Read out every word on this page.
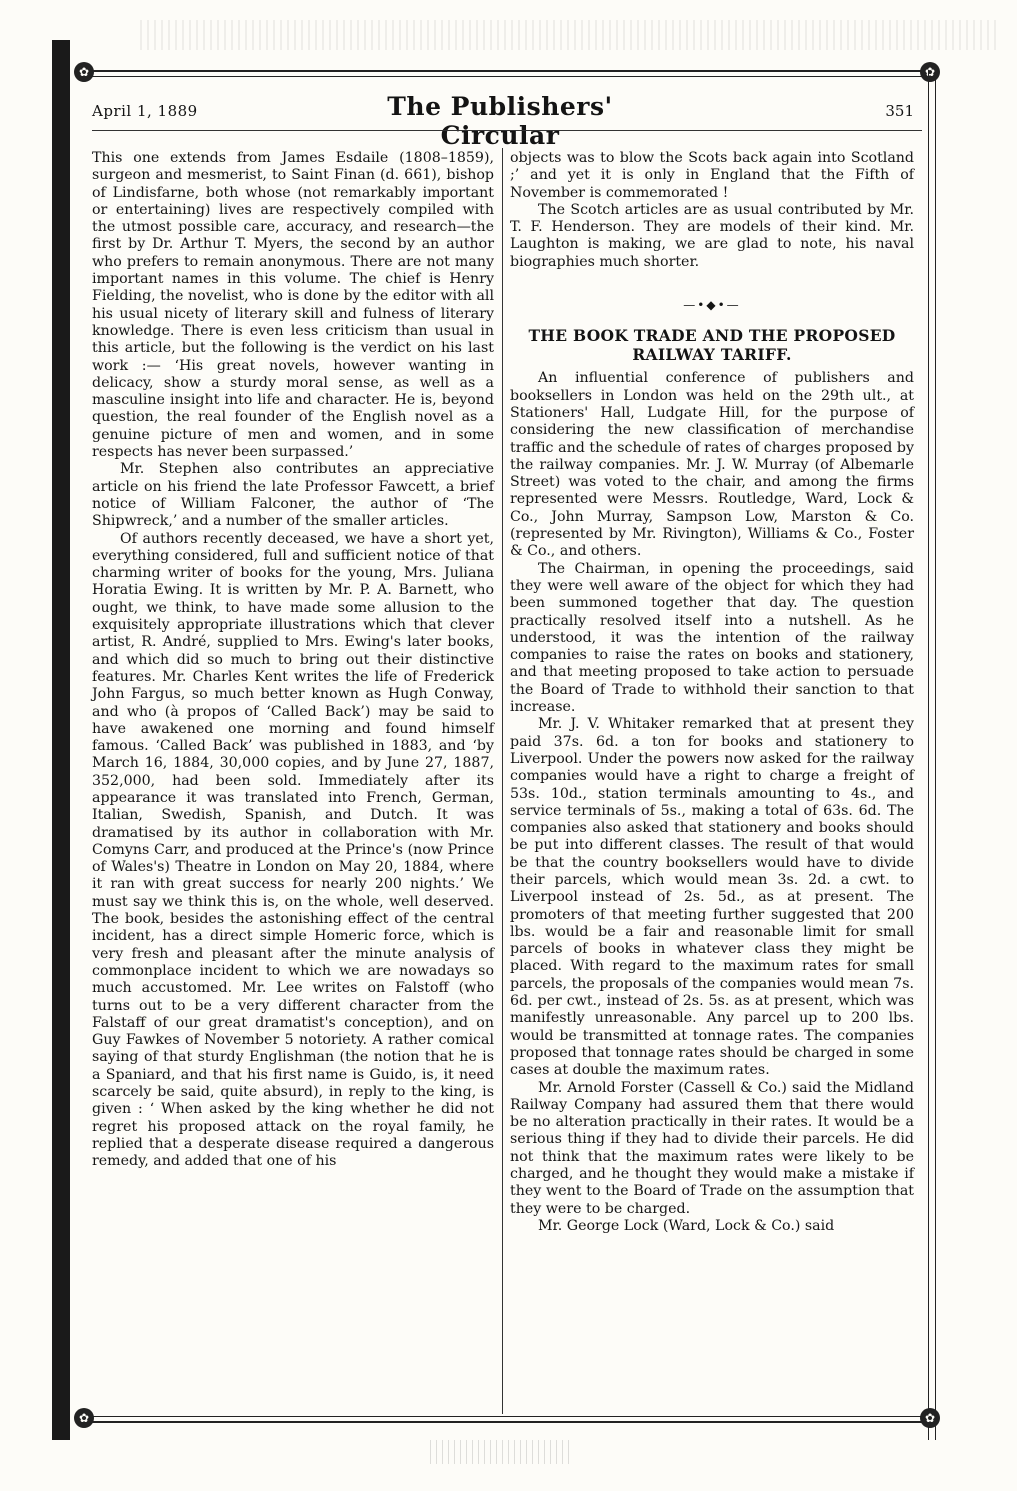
✿	✿
April 1, 1889	The Publishers' Circular
351

This one extends from James Esdaile (1808–1859), surgeon and mesmerist, to Saint Finan (d. 661), bishop of Lindisfarne, both whose (not remarkably important or entertaining) lives are respectively compiled with the utmost possible care, accuracy, and research—the first by Dr. Arthur T. Myers, the second by an author who prefers to remain anonymous. There are not many important names in this volume. The chief is Henry Fielding, the novelist, who is done by the editor with all his usual nicety of literary skill and fulness of literary knowledge. There is even less criticism than usual in this article, but the following is the verdict on his last work :— ‘His great novels, however wanting in delicacy, show a sturdy moral sense, as well as a masculine insight into life and character. He is, beyond question, the real founder of the English novel as a genuine picture of men and women, and in some respects has never been surpassed.’

Mr. Stephen also contributes an appreciative article on his friend the late Professor Fawcett, a brief notice of William Falconer, the author of ‘The Shipwreck,’ and a number of the smaller articles.

Of authors recently deceased, we have a short yet, everything considered, full and sufficient notice of that charming writer of books for the young, Mrs. Juliana Horatia Ewing. It is written by Mr. P. A. Barnett, who ought, we think, to have made some allusion to the exquisitely appropriate illustrations which that clever artist, R. André, supplied to Mrs. Ewing's later books, and which did so much to bring out their distinctive features. Mr. Charles Kent writes the life of Frederick John Fargus, so much better known as Hugh Conway, and who (à propos of ‘Called Back’) may be said to have awakened one morning and found himself famous. ‘Called Back’ was published in 1883, and ‘by March 16, 1884, 30,000 copies, and by June 27, 1887, 352,000, had been sold. Immediately after its appearance it was translated into French, German, Italian, Swedish, Spanish, and Dutch. It was dramatised by its author in collaboration with Mr. Comyns Carr, and produced at the Prince's (now Prince of Wales's) Theatre in London on May 20, 1884, where it ran with great success for nearly 200 nights.’ We must say we think this is, on the whole, well deserved. The book, besides the astonishing effect of the central incident, has a direct simple Homeric force, which is very fresh and pleasant after the minute analysis of commonplace incident to which we are nowadays so much accustomed. Mr. Lee writes on Falstoff (who turns out to be a very different character from the Falstaff of our great dramatist's conception), and on Guy Fawkes of November 5 notoriety. A rather comical saying of that sturdy Englishman (the notion that he is a Spaniard, and that his first name is Guido, is, it need scarcely be said, quite absurd), in reply to the king, is given : ‘ When asked by the king whether he did not regret his proposed attack on the royal family, he replied that a desperate disease required a dangerous remedy, and added that one of his

objects was to blow the Scots back again into Scotland ;’ and yet it is only in England that the Fifth of November is commemorated !

The Scotch articles are as usual contributed by Mr. T. F. Henderson. They are models of their kind. Mr. Laughton is making, we are glad to note, his naval biographies much shorter.

—•◆•—
THE BOOK TRADE AND THE PROPOSED RAILWAY TARIFF.

An influential conference of publishers and booksellers in London was held on the 29th ult., at Stationers' Hall, Ludgate Hill, for the purpose of considering the new classification of merchandise traffic and the schedule of rates of charges proposed by the railway companies. Mr. J. W. Murray (of Albemarle Street) was voted to the chair, and among the firms represented were Messrs. Routledge, Ward, Lock & Co., John Murray, Sampson Low, Marston & Co. (represented by Mr. Rivington), Williams & Co., Foster & Co., and others.

The Chairman, in opening the proceedings, said they were well aware of the object for which they had been summoned together that day. The question practically resolved itself into a nutshell. As he understood, it was the intention of the railway companies to raise the rates on books and stationery, and that meeting proposed to take action to persuade the Board of Trade to withhold their sanction to that increase.

Mr. J. V. Whitaker remarked that at present they paid 37s. 6d. a ton for books and stationery to Liverpool. Under the powers now asked for the railway companies would have a right to charge a freight of 53s. 10d., station terminals amounting to 4s., and service terminals of 5s., making a total of 63s. 6d. The companies also asked that stationery and books should be put into different classes. The result of that would be that the country booksellers would have to divide their parcels, which would mean 3s. 2d. a cwt. to Liverpool instead of 2s. 5d., as at present. The promoters of that meeting further suggested that 200 lbs. would be a fair and reasonable limit for small parcels of books in whatever class they might be placed. With regard to the maximum rates for small parcels, the proposals of the companies would mean 7s. 6d. per cwt., instead of 2s. 5s. as at present, which was manifestly unreasonable. Any parcel up to 200 lbs. would be transmitted at tonnage rates. The companies proposed that tonnage rates should be charged in some cases at double the maximum rates.

Mr. Arnold Forster (Cassell & Co.) said the Midland Railway Company had assured them that there would be no alteration practically in their rates. It would be a serious thing if they had to divide their parcels. He did not think that the maximum rates were likely to be charged, and he thought they would make a mistake if they went to the Board of Trade on the assumption that they were to be charged.

Mr. George Lock (Ward, Lock & Co.) said

✿	✿
